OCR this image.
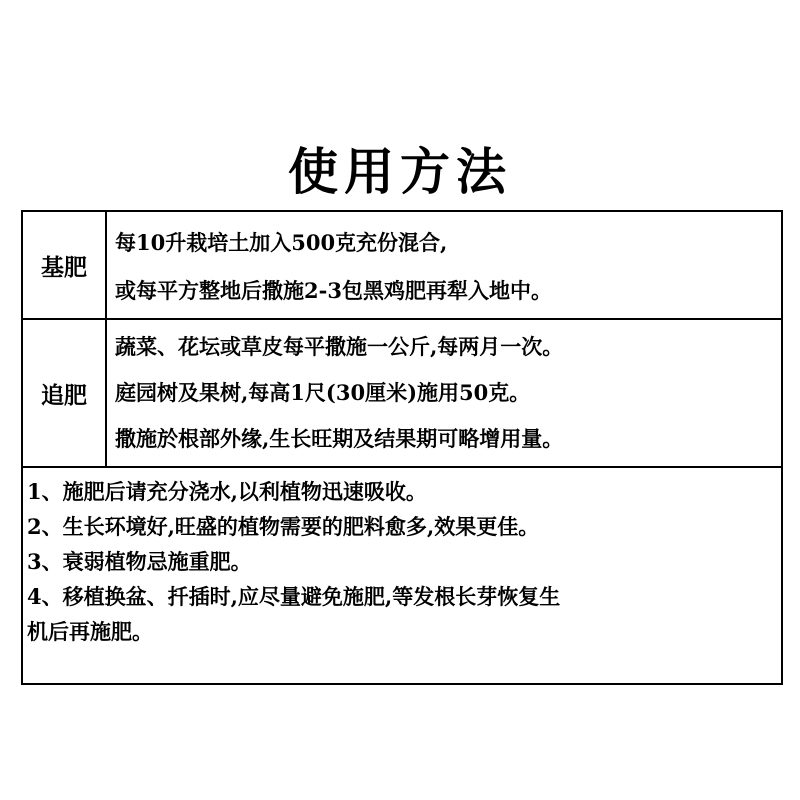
使用方法
基肥	每10升栽培土加入500克充份混合,
或每平方整地后撒施2-3包黑鸡肥再犁入地中。

追肥	蔬菜、花坛或草皮每平撒施一公斤,每两月一次。
庭园树及果树,每高1尺(30厘米)施用50克。
撒施於根部外缘,生长旺期及结果期可略增用量。

1、施肥后请充分浇水,以利植物迅速吸收。
2、生长环境好,旺盛的植物需要的肥料愈多,效果更佳。
3、衰弱植物忌施重肥。
4、移植换盆、扦插时,应尽量避免施肥,等发根长芽恢复生
机后再施肥。	
